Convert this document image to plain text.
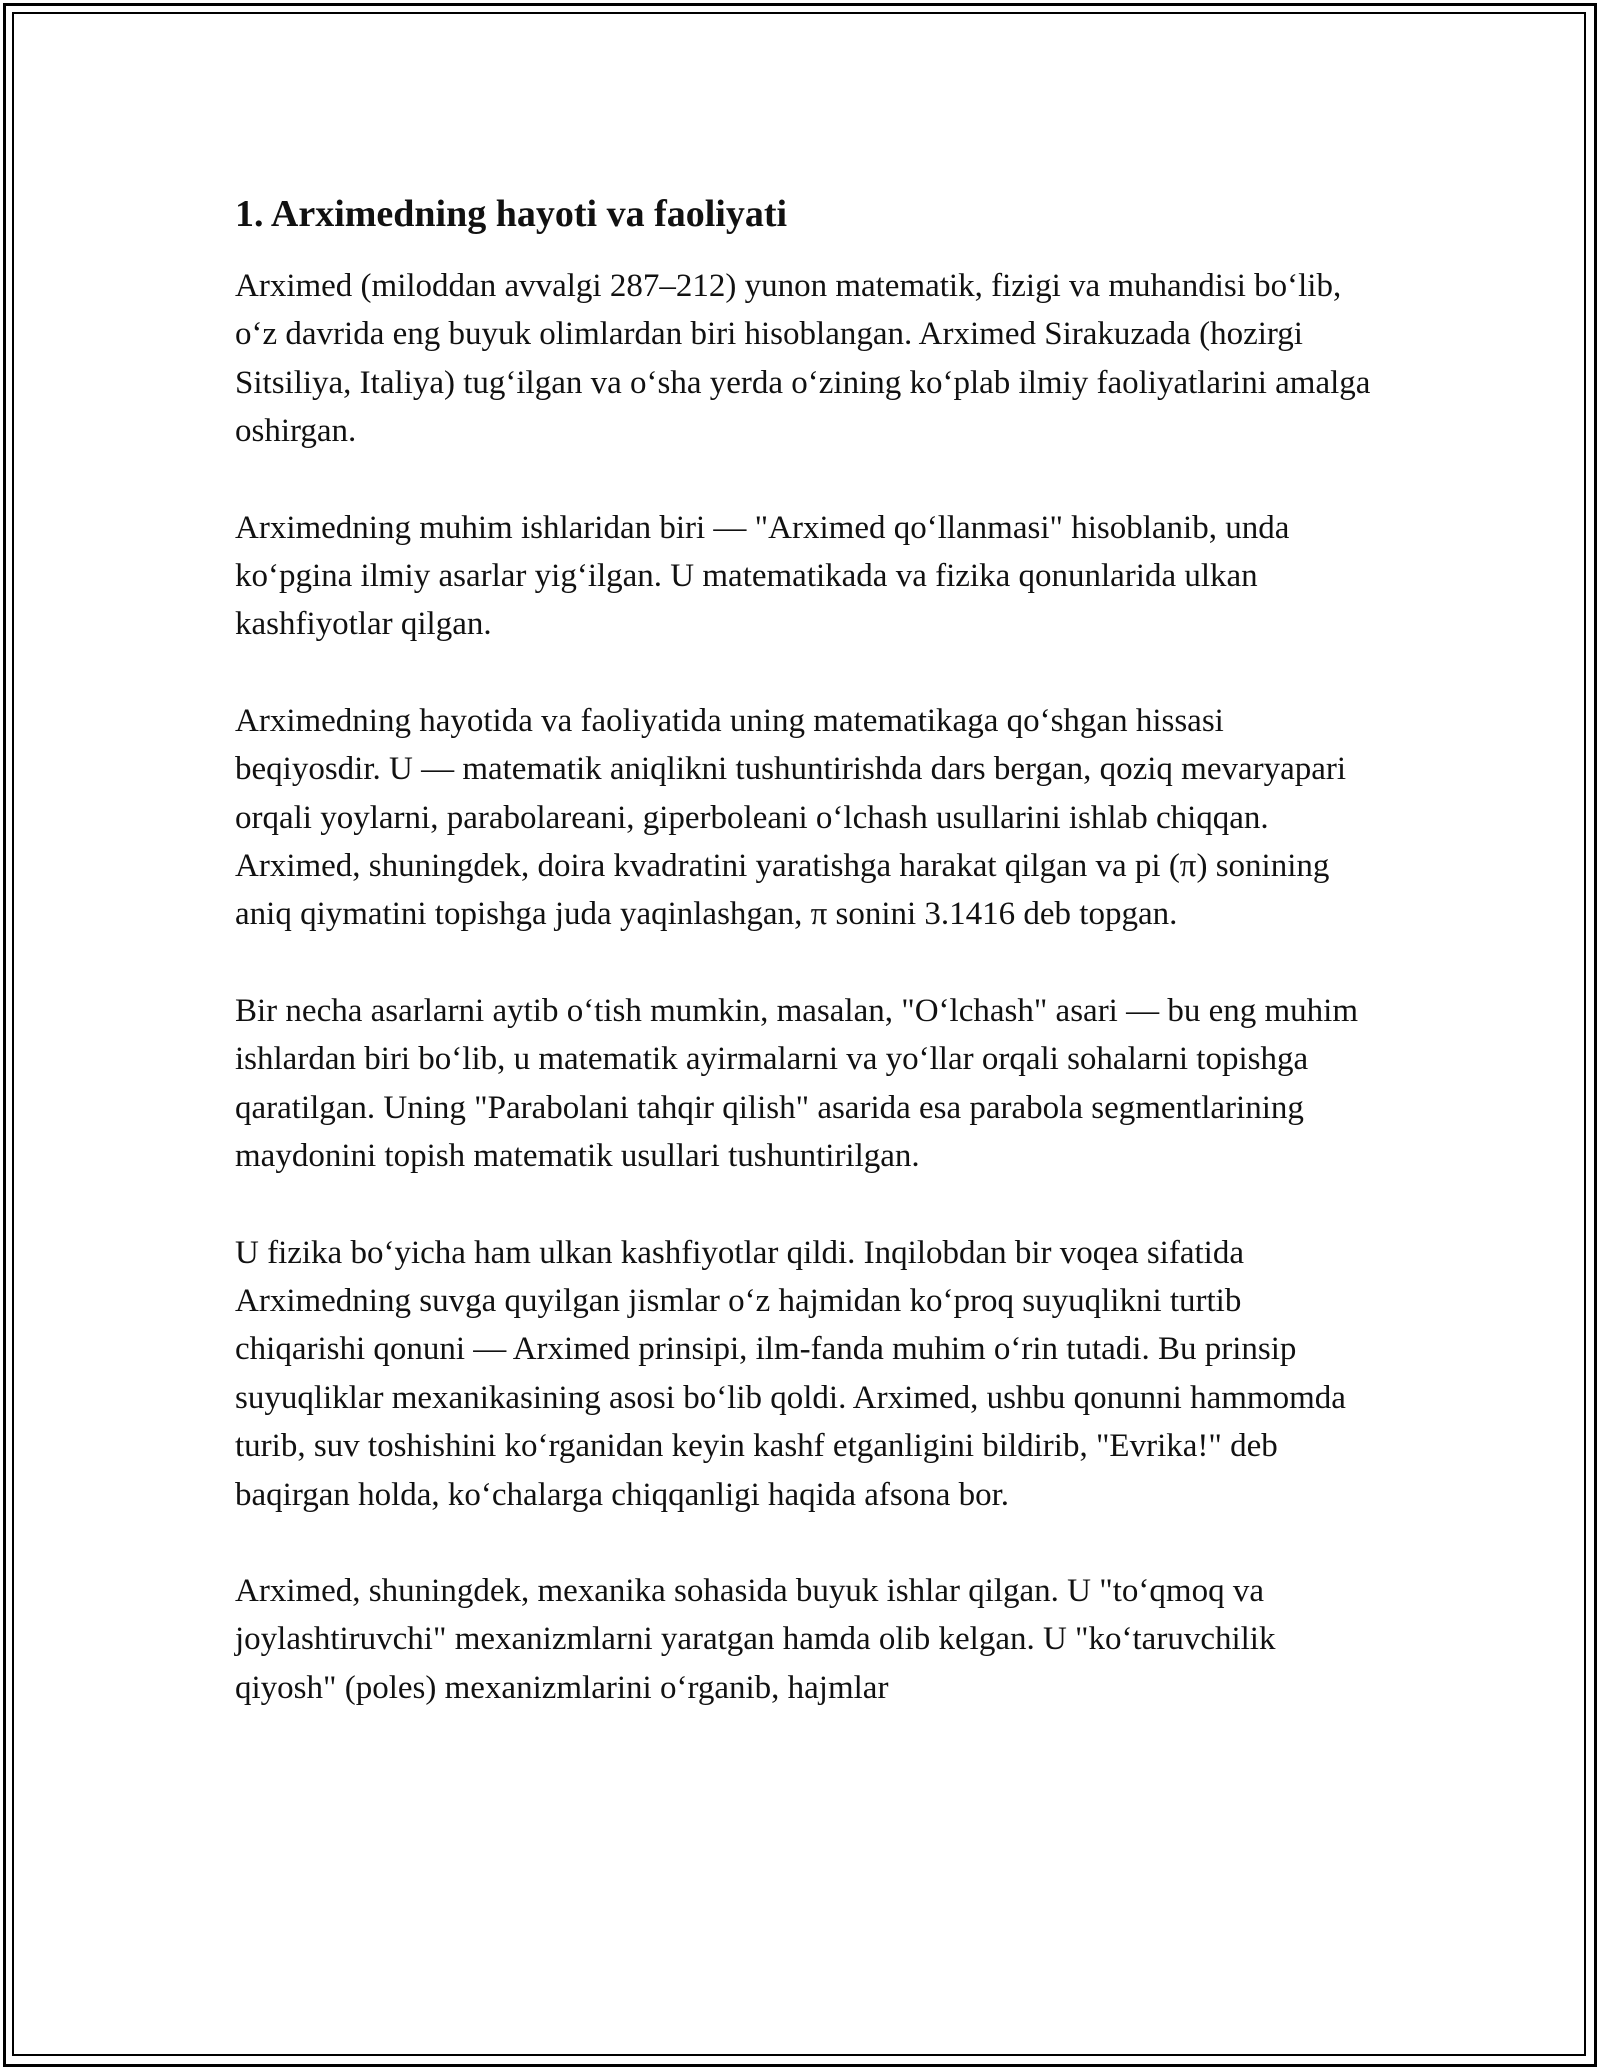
1. Arximedning hayoti va faoliyati

Arximed (miloddan avvalgi 287–212) yunon matematik, fizigi va muhandisi bo‘lib, o‘z davrida eng buyuk olimlardan biri hisoblangan. Arximed Sirakuzada (hozirgi Sitsiliya, Italiya) tug‘ilgan va o‘sha yerda o‘zining ko‘plab ilmiy faoliyatlarini amalga oshirgan.

Arximedning muhim ishlaridan biri — "Arximed qo‘llanmasi" hisoblanib, unda ko‘pgina ilmiy asarlar yig‘ilgan. U matematikada va fizika qonunlarida ulkan kashfiyotlar qilgan.

Arximedning hayotida va faoliyatida uning matematikaga qo‘shgan hissasi beqiyosdir. U — matematik aniqlikni tushuntirishda dars bergan, qoziq mevaryapari orqali yoylarni, parabolareani, giperboleani o‘lchash usullarini ishlab chiqqan. Arximed, shuningdek, doira kvadratini yaratishga harakat qilgan va pi (π) sonining aniq qiymatini topishga juda yaqinlashgan, π sonini 3.1416 deb topgan.

Bir necha asarlarni aytib o‘tish mumkin, masalan, "O‘lchash" asari — bu eng muhim ishlardan biri bo‘lib, u matematik ayirmalarni va yo‘llar orqali sohalarni topishga qaratilgan. Uning "Parabolani tahqir qilish" asarida esa parabola segmentlarining maydonini topish matematik usullari tushuntirilgan.

U fizika bo‘yicha ham ulkan kashfiyotlar qildi. Inqilobdan bir voqea sifatida Arximedning suvga quyilgan jismlar o‘z hajmidan ko‘proq suyuqlikni turtib chiqarishi qonuni — Arximed prinsipi, ilm-fanda muhim o‘rin tutadi. Bu prinsip suyuqliklar mexanikasining asosi bo‘lib qoldi. Arximed, ushbu qonunni hammomda turib, suv toshishini ko‘rganidan keyin kashf etganligini bildirib, "Evrika!" deb baqirgan holda, ko‘chalarga chiqqanligi haqida afsona bor.

Arximed, shuningdek, mexanika sohasida buyuk ishlar qilgan. U "to‘qmoq va joylashtiruvchi" mexanizmlarni yaratgan hamda olib kelgan. U "ko‘taruvchilik qiyosh" (poles) mexanizmlarini o‘rganib, hajmlar
